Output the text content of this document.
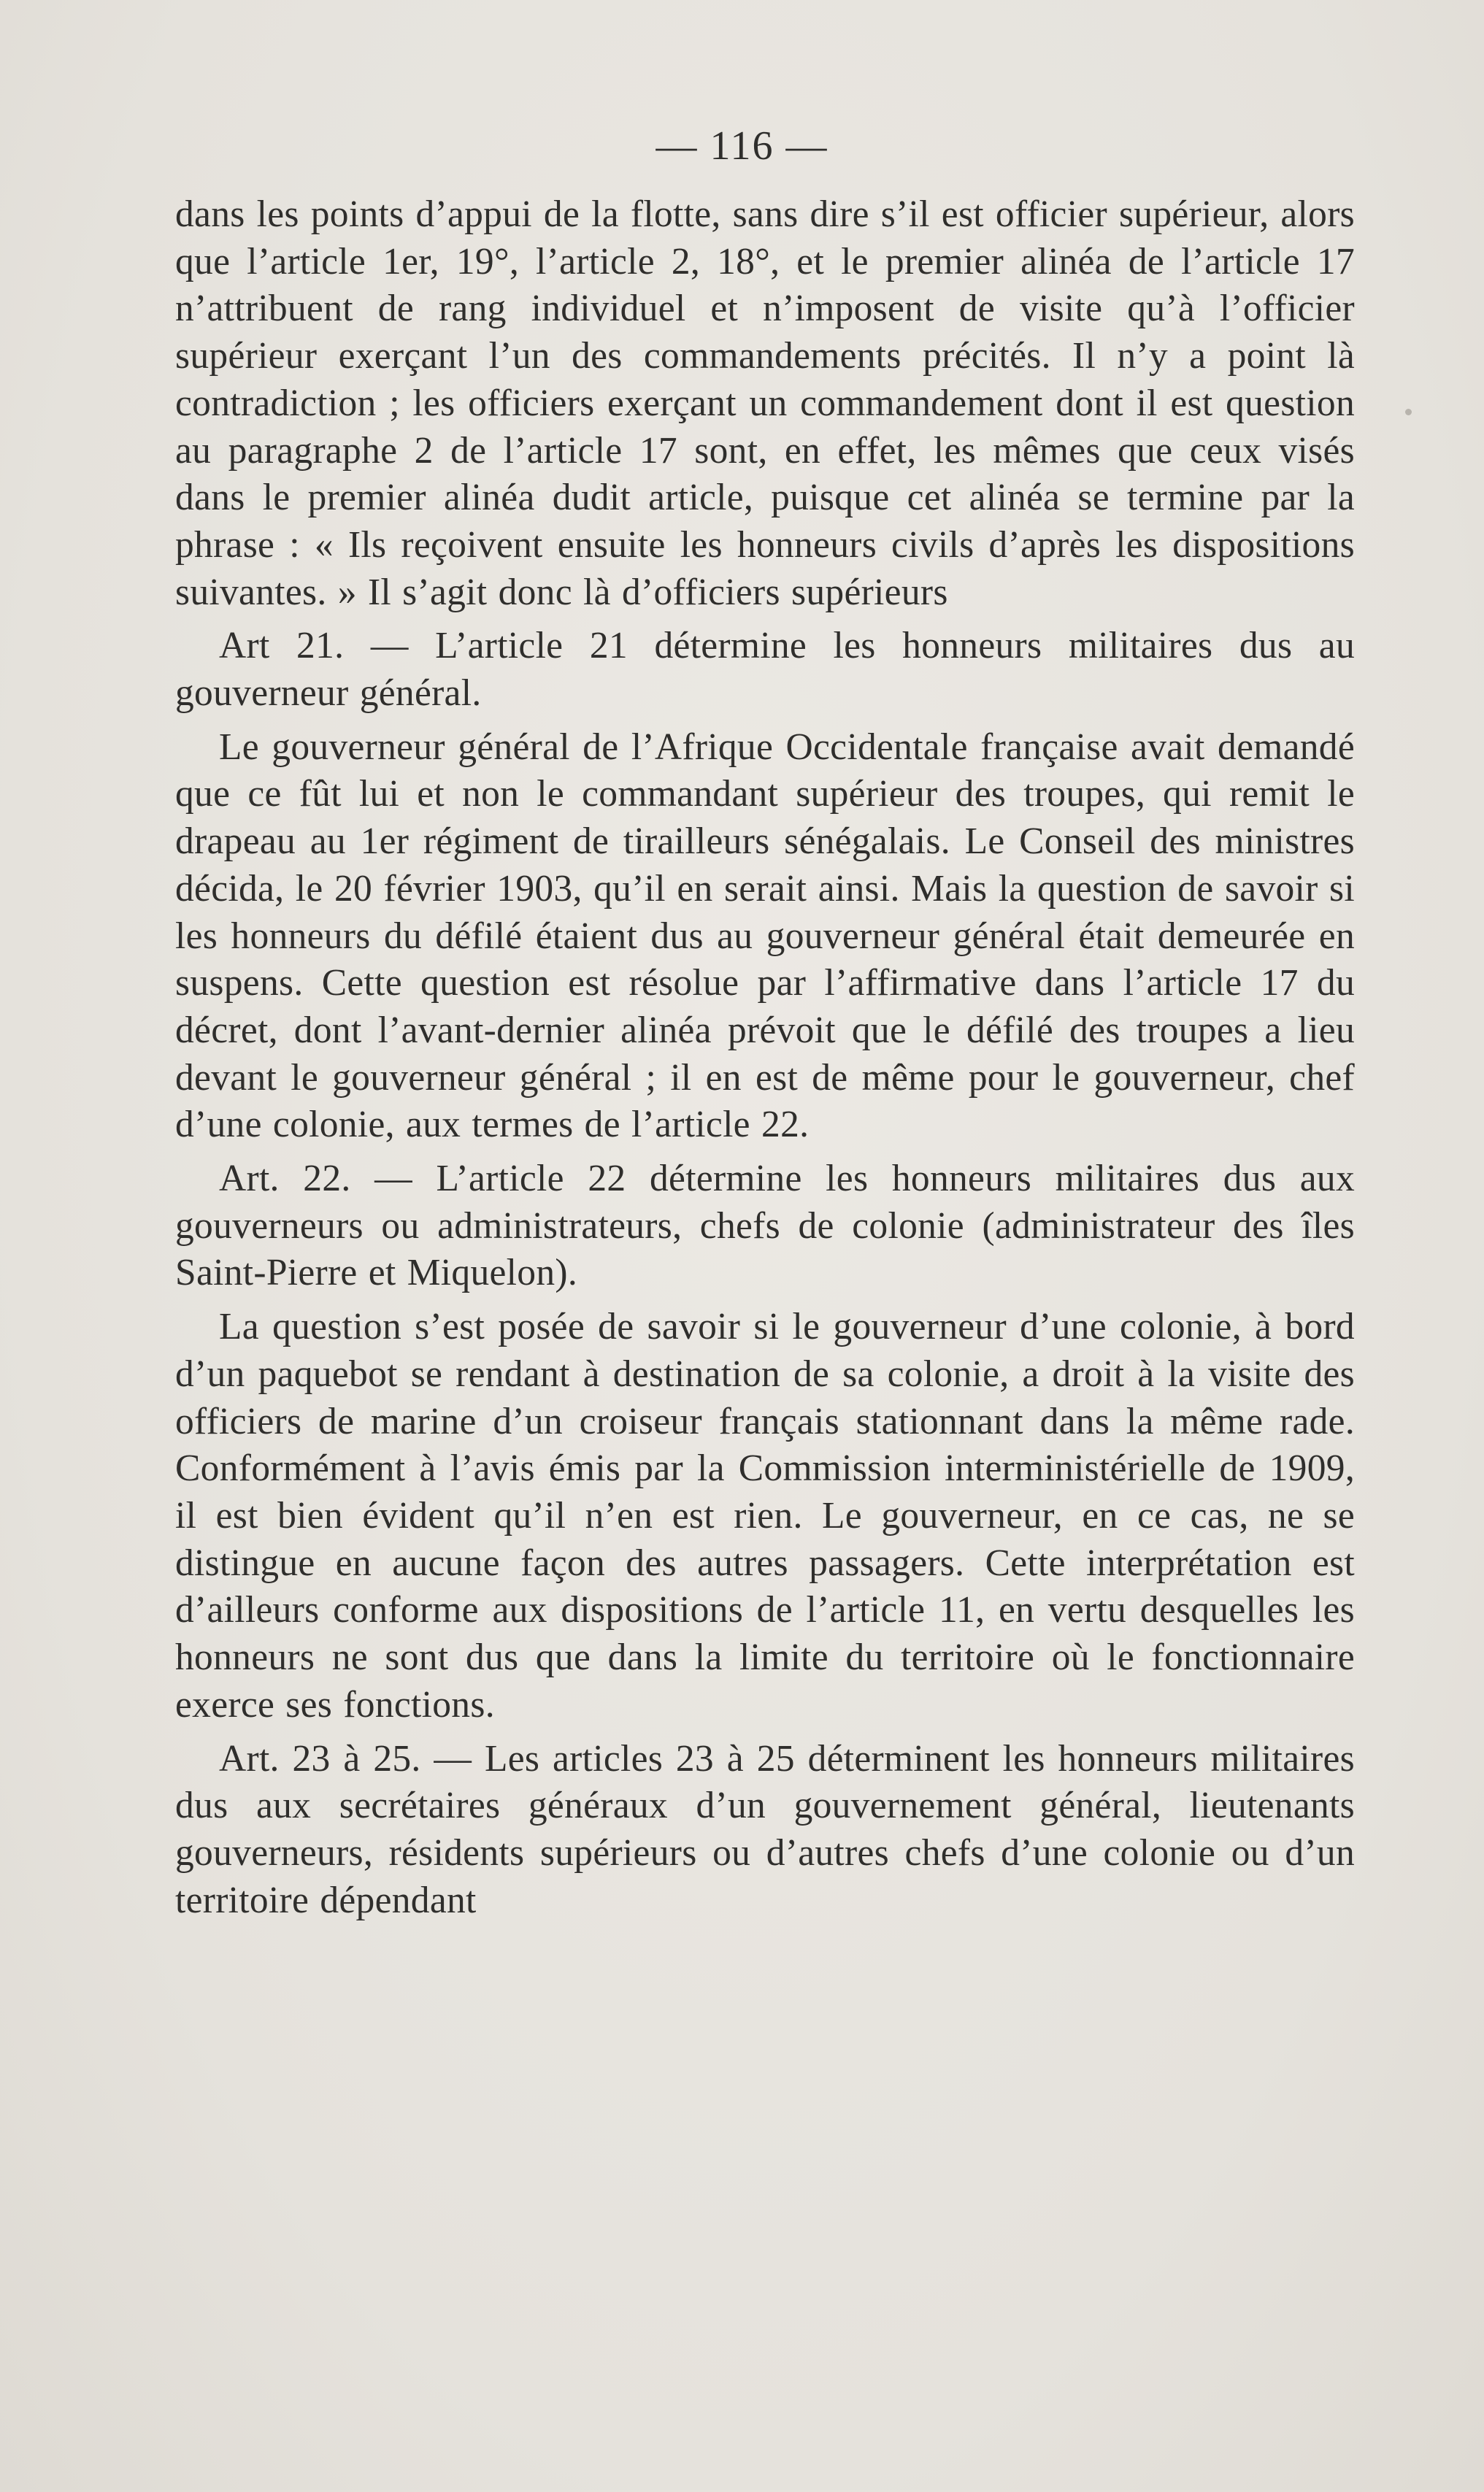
— 116 —

dans les points d’appui de la flotte, sans dire s’il est officier supérieur, alors que l’article 1er, 19°, l’article 2, 18°, et le premier alinéa de l’article 17 n’attribuent de rang individuel et n’imposent de visite qu’à l’officier supérieur exerçant l’un des commandements précités. Il n’y a point là contradiction ; les officiers exerçant un commandement dont il est question au paragraphe 2 de l’article 17 sont, en effet, les mêmes que ceux visés dans le premier alinéa dudit article, puisque cet alinéa se termine par la phrase : « Ils reçoivent ensuite les honneurs civils d’après les dispositions suivantes. » Il s’agit donc là d’officiers supérieurs

Art 21. — L’article 21 détermine les honneurs militaires dus au gouverneur général.

Le gouverneur général de l’Afrique Occidentale française avait demandé que ce fût lui et non le commandant supérieur des troupes, qui remit le drapeau au 1er régiment de tirailleurs sénégalais. Le Conseil des ministres décida, le 20 février 1903, qu’il en serait ainsi. Mais la question de savoir si les honneurs du défilé étaient dus au gouverneur général était demeurée en suspens. Cette question est résolue par l’affirmative dans l’article 17 du décret, dont l’avant-dernier alinéa prévoit que le défilé des troupes a lieu devant le gouverneur général ; il en est de même pour le gouverneur, chef d’une colonie, aux termes de l’article 22.

Art. 22. — L’article 22 détermine les honneurs militaires dus aux gouverneurs ou administrateurs, chefs de colonie (administrateur des îles Saint-Pierre et Miquelon).

La question s’est posée de savoir si le gouverneur d’une colonie, à bord d’un paquebot se rendant à destination de sa colonie, a droit à la visite des officiers de marine d’un croiseur français stationnant dans la même rade. Conformément à l’avis émis par la Commission interministérielle de 1909, il est bien évident qu’il n’en est rien. Le gouverneur, en ce cas, ne se distingue en aucune façon des autres passagers. Cette interprétation est d’ailleurs conforme aux dispositions de l’article 11, en vertu desquelles les honneurs ne sont dus que dans la limite du territoire où le fonctionnaire exerce ses fonctions.

Art. 23 à 25. — Les articles 23 à 25 déterminent les honneurs militaires dus aux secrétaires généraux d’un gouvernement général, lieutenants gouverneurs, résidents supérieurs ou d’autres chefs d’une colonie ou d’un territoire dépendant
